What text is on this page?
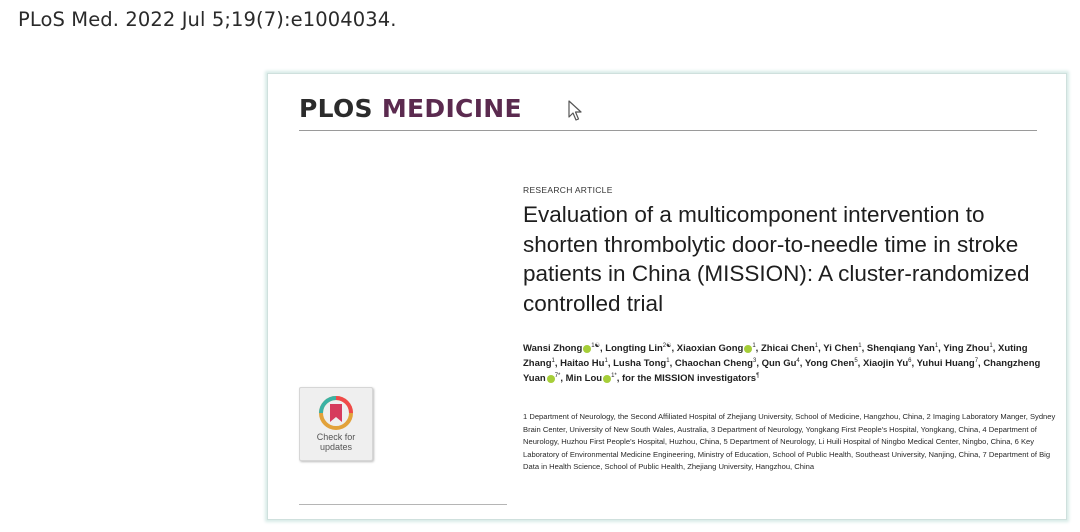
PLoS Med. 2022 Jul 5;19(7):e1004034.
PLOS MEDICINE
RESEARCH ARTICLE
Evaluation of a multicomponent intervention to shorten thrombolytic door-to-needle time in stroke patients in China (MISSION): A cluster-randomized controlled trial
Wansi Zhong $^{1☯}$, Longting Lin$^{2☯}$, Xiaoxian Gong $^1$, Zhicai Chen$^1$, Yi Chen$^1$, Shenqiang Yan$^1$, Ying Zhou$^1$, Xuting Zhang$^1$, Haitao Hu$^1$, Lusha Tong$^1$, Chaochan Cheng$^3$, Qun Gu$^4$, Yong Chen$^5$, Xiaojin Yu$^6$, Yuhui Huang$^7$, Changzheng Yuan $^{7*}$, Min Lou $^{1*}$, for the MISSION investigators¶
1 Department of Neurology, the Second Affiliated Hospital of Zhejiang University, School of Medicine, Hangzhou, China, 2 Imaging Laboratory Manger, Sydney Brain Center, University of New South Wales, Australia, 3 Department of Neurology, Yongkang First People's Hospital, Yongkang, China, 4 Department of Neurology, Huzhou First People's Hospital, Huzhou, China, 5 Department of Neurology, Li Huili Hospital of Ningbo Medical Center, Ningbo, China, 6 Key Laboratory of Environmental Medicine Engineering, Ministry of Education, School of Public Health, Southeast University, Nanjing, China, 7 Department of Big Data in Health Science, School of Public Health, Zhejiang University, Hangzhou, China
Check for updates
